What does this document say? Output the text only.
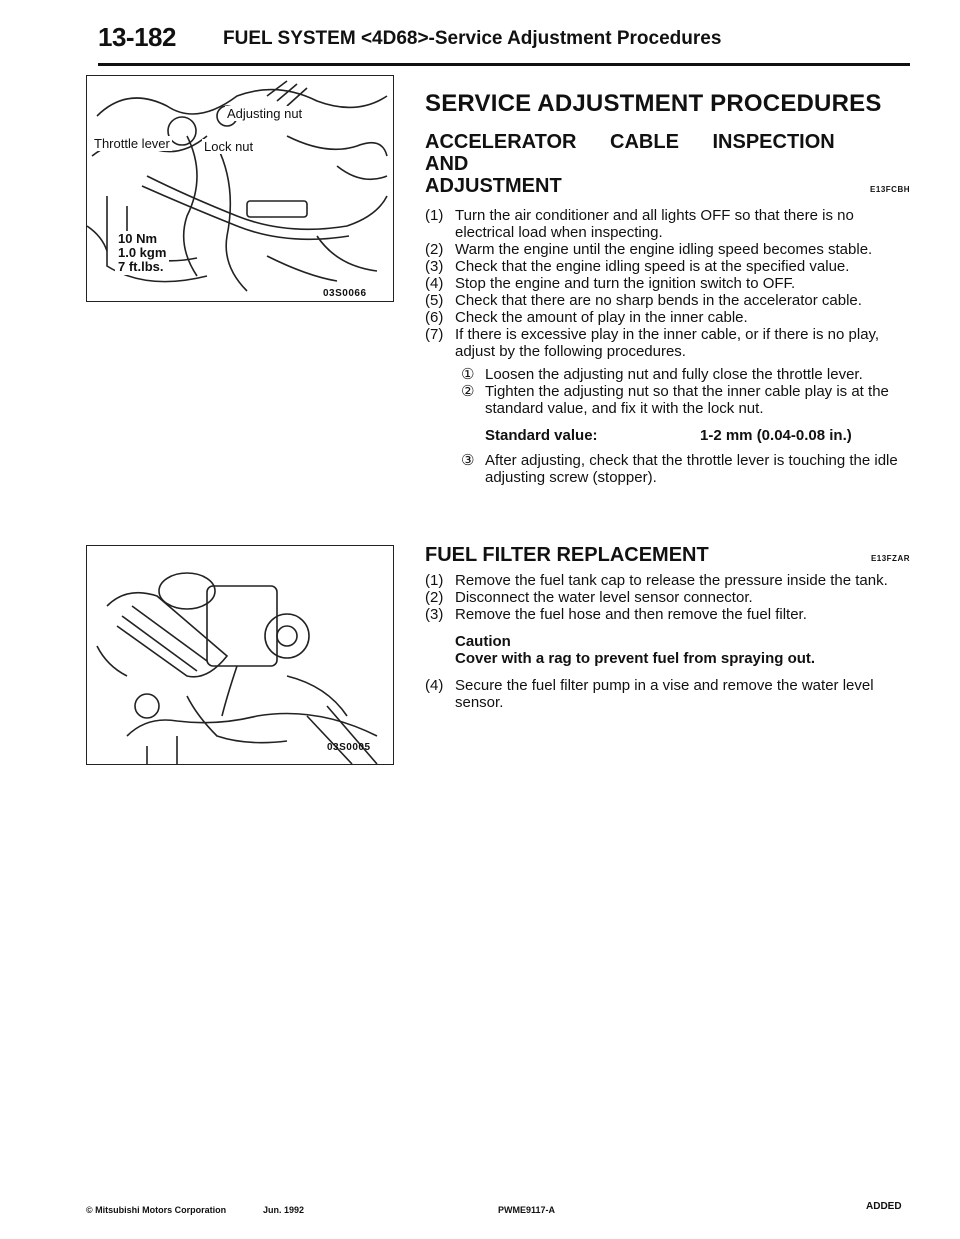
13-182 FUEL SYSTEM <4D68>-Service Adjustment Procedures
Adjusting nut
Throttle lever	Lock nut
10 Nm
1.0 kgm
7 ft.lbs.
03S0066
03S0005
SERVICE ADJUSTMENT PROCEDURES
ACCELERATOR CABLE INSPECTION AND
ADJUSTMENT	E13FCBH

(1) Turn the air conditioner and all lights OFF so that there is no electrical load when inspecting.

(2) Warm the engine until the engine idling speed becomes stable.

(3) Check that the engine idling speed is at the specified value.

(4) Stop the engine and turn the ignition switch to OFF.

(5) Check that there are no sharp bends in the accelerator cable.

(6) Check the amount of play in the inner cable.

(7) If there is excessive play in the inner cable, or if there is no play, adjust by the following procedures.

① Loosen the adjusting nut and fully close the throttle lever.

② Tighten the adjusting nut so that the inner cable play is at the standard value, and fix it with the lock nut.

Standard value:	1-2 mm (0.04-0.08 in.)

③ After adjusting, check that the throttle lever is touching the idle adjusting screw (stopper).

FUEL FILTER REPLACEMENT	E13FZAR

(1) Remove the fuel tank cap to release the pressure inside the tank.

(2) Disconnect the water level sensor connector.

(3) Remove the fuel hose and then remove the fuel filter.

Caution

Cover with a rag to prevent fuel from spraying out.

(4) Secure the fuel filter pump in a vise and remove the water level sensor.

© Mitsubishi Motors Corporation	Jun. 1992	PWME9117-A	ADDED
